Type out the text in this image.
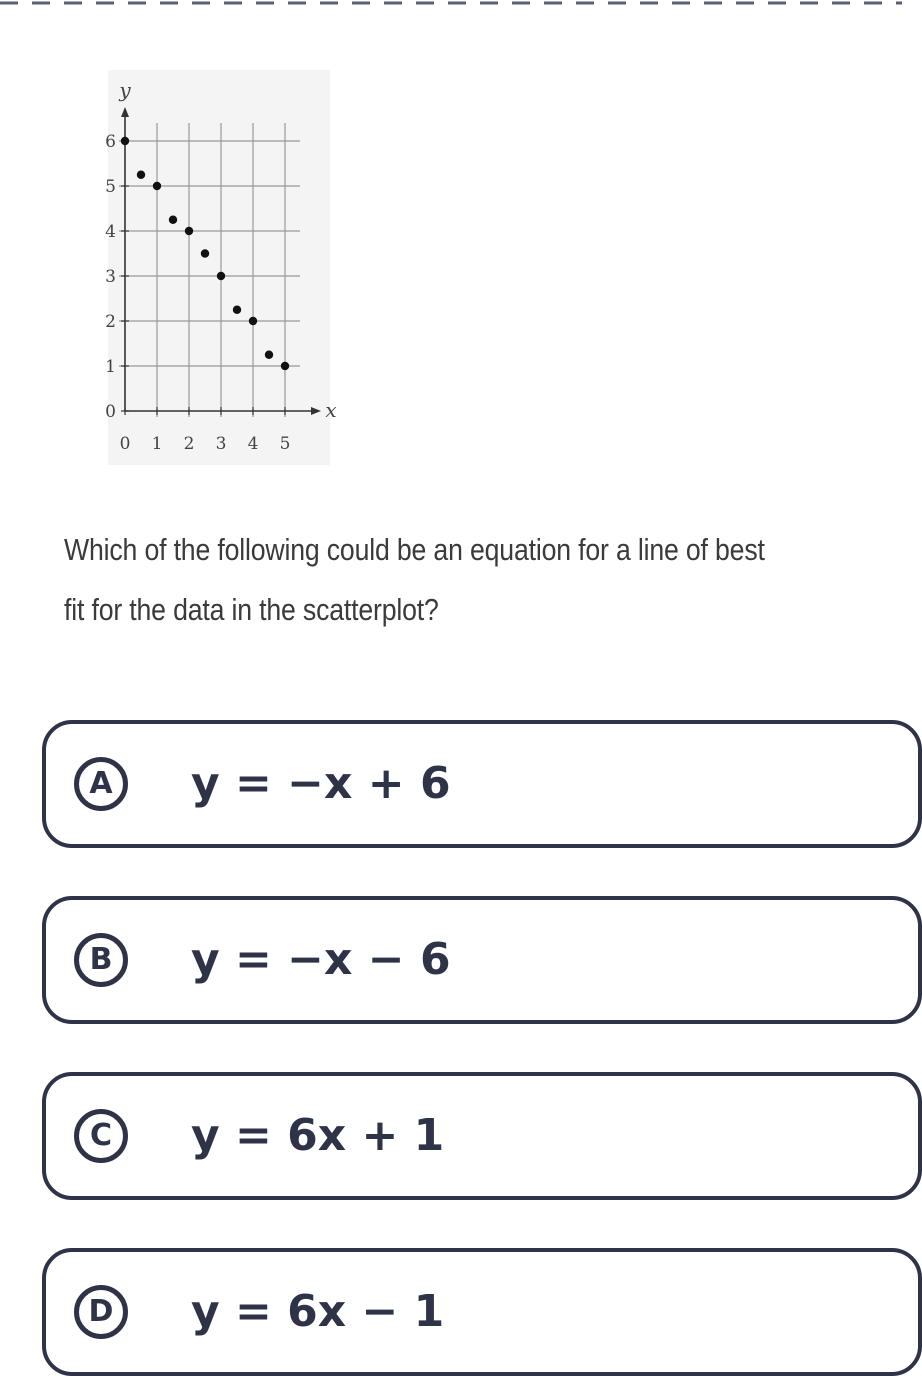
0 1 2 3 4 5
0
1
2
3
4
5
6
x
y
Which of the following could be an equation for a line of best fit for the data in the scatterplot?
A	y = −x + 6
B	y = −x − 6
C	y = 6x + 1
D	y = 6x − 1
